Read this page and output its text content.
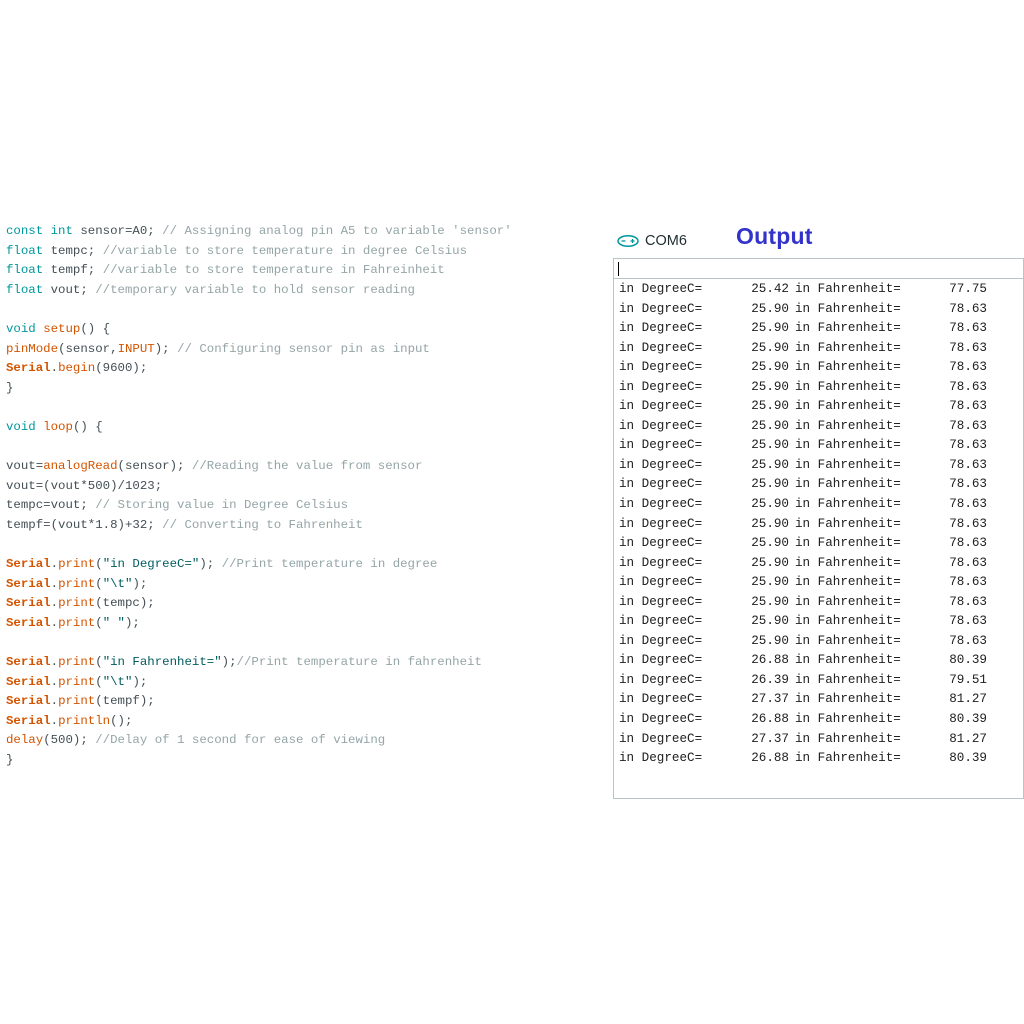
const int sensor=A0; // Assigning analog pin A5 to variable 'sensor'
float tempc; //variable to store temperature in degree Celsius
float tempf; //variable to store temperature in Fahreinheit
float vout; //temporary variable to hold sensor reading

void setup() {
pinMode(sensor,INPUT); // Configuring sensor pin as input
Serial.begin(9600);
}

void loop() {

vout=analogRead(sensor); //Reading the value from sensor
vout=(vout*500)/1023;
tempc=vout; // Storing value in Degree Celsius
tempf=(vout*1.8)+32; // Converting to Fahrenheit

Serial.print("in DegreeC="); //Print temperature in degree
Serial.print("\t");
Serial.print(tempc);
Serial.print(" ");

Serial.print("in Fahrenheit=");//Print temperature in fahrenheit
Serial.print("\t");
Serial.print(tempf);
Serial.println();
delay(500); //Delay of 1 second for ease of viewing
}
COM6 Output
in DegreeC=	25.42 in Fahrenheit=	77.75
in DegreeC=	25.90 in Fahrenheit=	78.63
in DegreeC=	25.90 in Fahrenheit=	78.63
in DegreeC=	25.90 in Fahrenheit=	78.63
in DegreeC=	25.90 in Fahrenheit=	78.63
in DegreeC=	25.90 in Fahrenheit=	78.63
in DegreeC=	25.90 in Fahrenheit=	78.63
in DegreeC=	25.90 in Fahrenheit=	78.63
in DegreeC=	25.90 in Fahrenheit=	78.63
in DegreeC=	25.90 in Fahrenheit=	78.63
in DegreeC=	25.90 in Fahrenheit=	78.63
in DegreeC=	25.90 in Fahrenheit=	78.63
in DegreeC=	25.90 in Fahrenheit=	78.63
in DegreeC=	25.90 in Fahrenheit=	78.63
in DegreeC=	25.90 in Fahrenheit=	78.63
in DegreeC=	25.90 in Fahrenheit=	78.63
in DegreeC=	25.90 in Fahrenheit=	78.63
in DegreeC=	25.90 in Fahrenheit=	78.63
in DegreeC=	25.90 in Fahrenheit=	78.63
in DegreeC=	26.88 in Fahrenheit=	80.39
in DegreeC=	26.39 in Fahrenheit=	79.51
in DegreeC=	27.37 in Fahrenheit=	81.27
in DegreeC=	26.88 in Fahrenheit=	80.39
in DegreeC=	27.37 in Fahrenheit=	81.27
in DegreeC=	26.88 in Fahrenheit=	80.39
